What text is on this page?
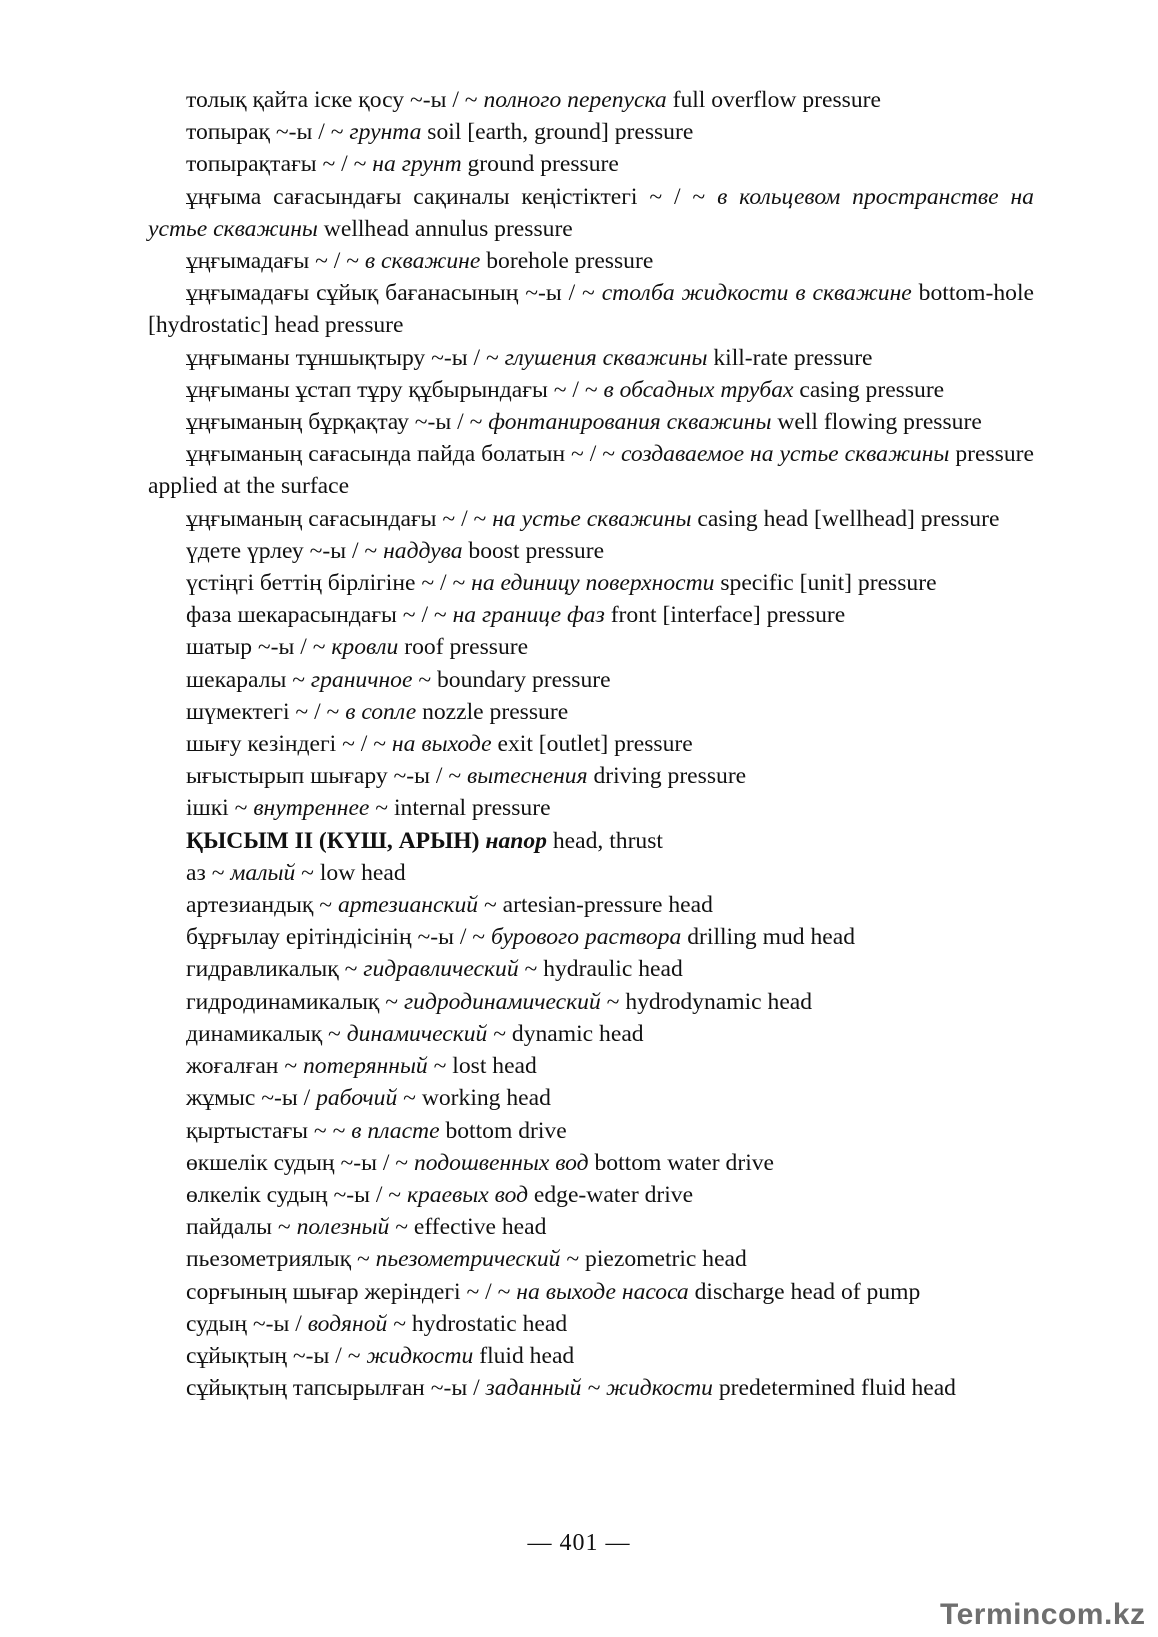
толық қайта іске қосу ~-ы / ~ полного перепуска full overflow pressure

топырақ ~-ы / ~ грунта soil [earth, ground] pressure

топырақтағы ~ / ~ на грунт ground pressure

ұңғыма сағасындағы сақиналы кеңістіктегі ~ / ~ в кольцевом пространстве на устье скважины wellhead annulus pressure

ұңғымадағы ~ / ~ в скважине borehole pressure

ұңғымадағы сұйық бағанасының ~-ы / ~ столба жидкости в скважине bottom-hole [hydrostatic] head pressure

ұңғыманы тұншықтыру ~-ы / ~ глушения скважины kill-rate pressure

ұңғыманы ұстап тұру құбырындағы ~ / ~ в обсадных трубах casing pressure

ұңғыманың бұрқақтау ~-ы / ~ фонтанирования скважины well flowing pressure

ұңғыманың сағасында пайда болатын ~ / ~ создаваемое на устье скважины pressure applied at the surface

ұңғыманың сағасындағы ~ / ~ на устье скважины casing head [wellhead] pressure

үдете үрлеу ~-ы / ~ наддува boost pressure

үстіңгі беттің бірлігіне ~ / ~ на единицу поверхности specific [unit] pressure

фаза шекарасындағы ~ / ~ на границе фаз front [interface] pressure

шатыр ~-ы / ~ кровли roof pressure

шекаралы ~ граничное ~ boundary pressure

шүмектегі ~ / ~ в сопле nozzle pressure

шығу кезіндегі ~ / ~ на выходе exit [outlet] pressure

ығыстырып шығару ~-ы / ~ вытеснения driving pressure

ішкі ~ внутреннее ~ internal pressure

ҚЫСЫМ II (КҮШ, АРЫН) напор head, thrust

аз ~ малый ~ low head

артезиандық ~ артезианский ~ artesian-pressure head

бұрғылау ерітіндісінің ~-ы / ~ бурового раствора drilling mud head

гидравликалық ~ гидравлический ~ hydraulic head

гидродинамикалық ~ гидродинамический ~ hydrodynamic head

динамикалық ~ динамический ~ dynamic head

жоғалған ~ потерянный ~ lost head

жұмыс ~-ы / рабочий ~ working head

қыртыстағы ~ ~ в пласте bottom drive

өкшелік судың ~-ы / ~ подошвенных вод bottom water drive

өлкелік судың ~-ы / ~ краевых вод edge-water drive

пайдалы ~ полезный ~ effective head

пьезометриялық ~ пьезометрический ~ piezometric head

сорғының шығар жеріндегі ~ / ~ на выходе насоса discharge head of pump

судың ~-ы / водяной ~ hydrostatic head

сұйықтың ~-ы / ~ жидкости fluid head

сұйықтың тапсырылған ~-ы / заданный ~ жидкости predetermined fluid head

— 401 —
Termincom.kz
